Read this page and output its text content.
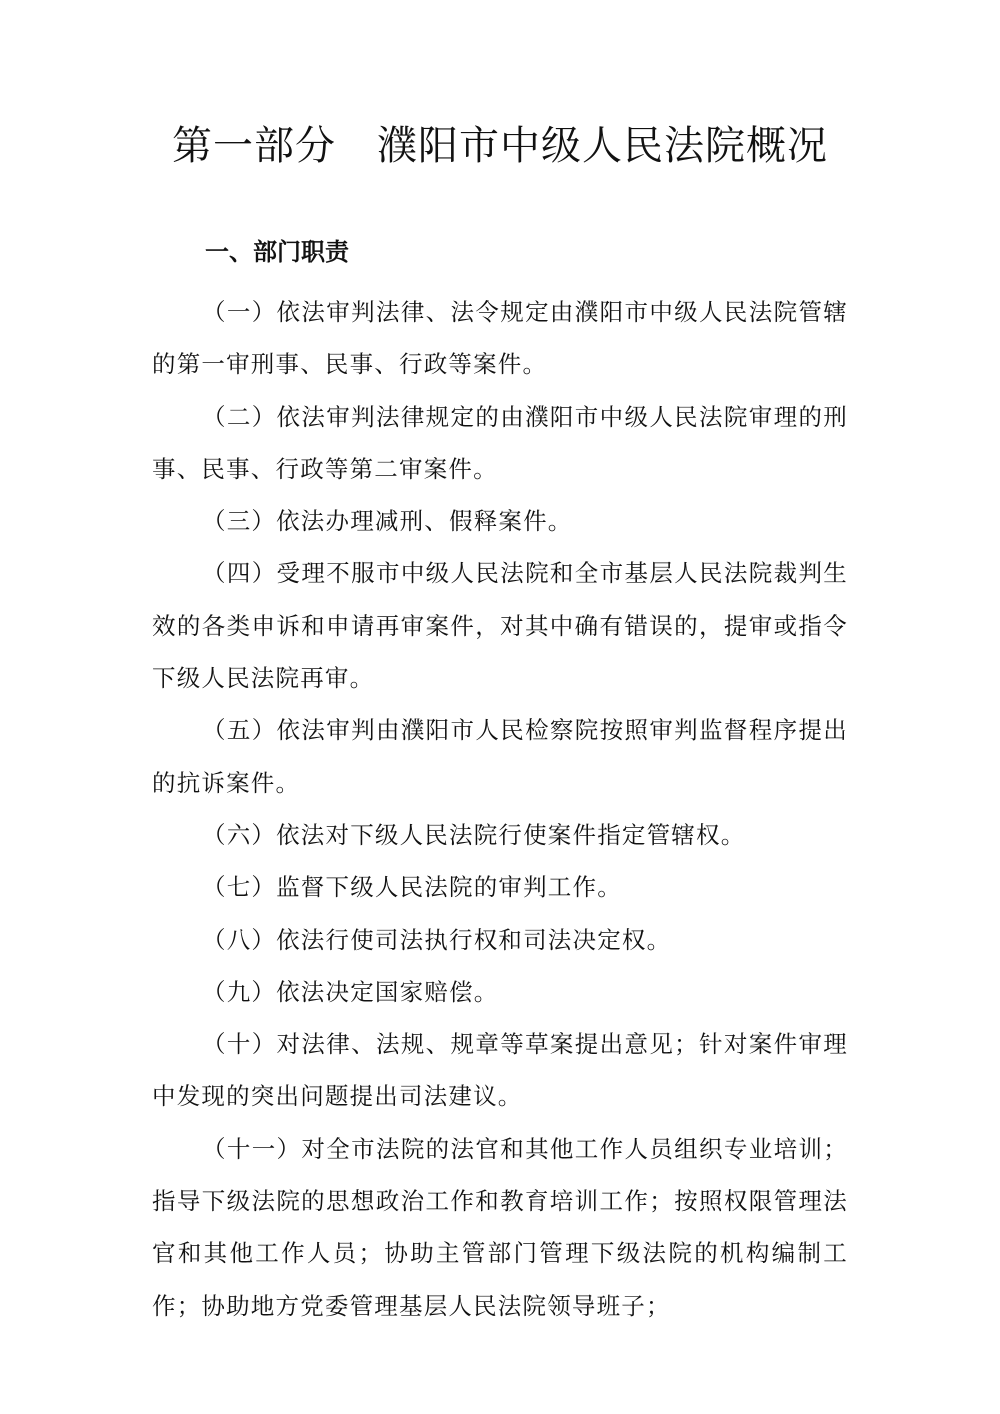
第一部分　濮阳市中级人民法院概况
一、部门职责

（一）依法审判法律、法令规定由濮阳市中级人民法院管辖的第一审刑事、民事、行政等案件。

（二）依法审判法律规定的由濮阳市中级人民法院审理的刑事、民事、行政等第二审案件。

（三）依法办理减刑、假释案件。

（四）受理不服市中级人民法院和全市基层人民法院裁判生效的各类申诉和申请再审案件，对其中确有错误的，提审或指令下级人民法院再审。

（五）依法审判由濮阳市人民检察院按照审判监督程序提出的抗诉案件。

（六）依法对下级人民法院行使案件指定管辖权。

（七）监督下级人民法院的审判工作。

（八）依法行使司法执行权和司法决定权。

（九）依法决定国家赔偿。

（十）对法律、法规、规章等草案提出意见；针对案件审理中发现的突出问题提出司法建议。

（十一）对全市法院的法官和其他工作人员组织专业培训；指导下级法院的思想政治工作和教育培训工作；按照权限管理法官和其他工作人员；协助主管部门管理下级法院的机构编制工作；协助地方党委管理基层人民法院领导班子；
